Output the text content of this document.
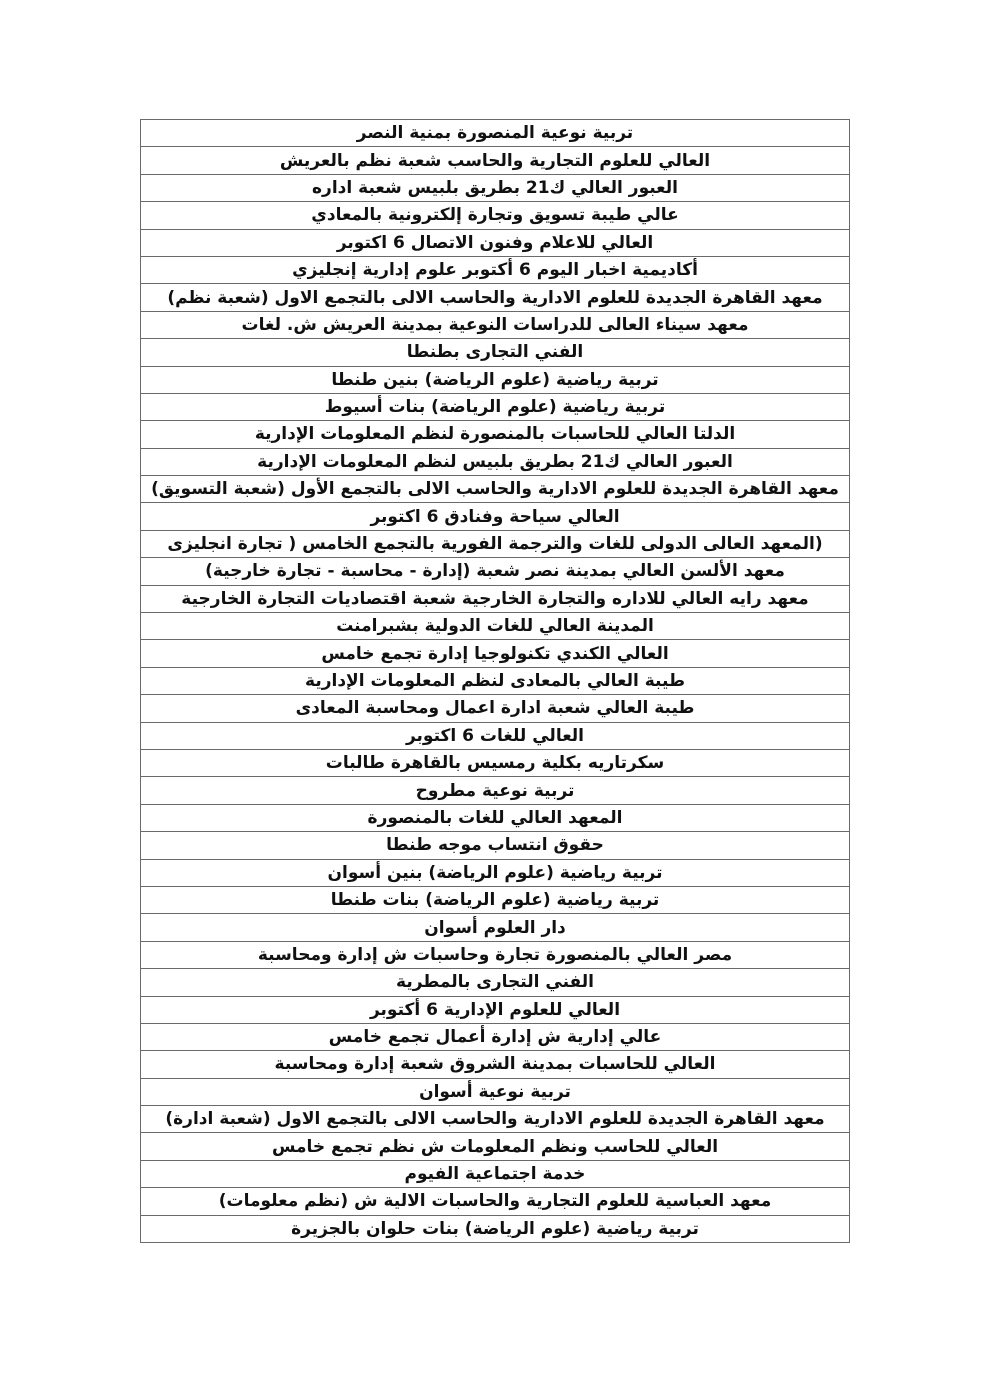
تربية نوعية المنصورة بمنية النصر
العالي للعلوم التجارية والحاسب شعبة نظم بالعريش
العبور العالي ك21 بطريق بلبيس شعبة اداره
عالي طيبة تسويق وتجارة إلكترونية بالمعادي
العالي للاعلام وفنون الاتصال 6 اكتوبر
أكاديمية اخبار اليوم 6 أكتوبر علوم إدارية إنجليزي
معهد القاهرة الجديدة للعلوم الادارية والحاسب الالى بالتجمع الاول (شعبة نظم)
معهد سيناء العالى للدراسات النوعية بمدينة العريش ش. لغات
الفني التجارى بطنطا
تربية رياضية (علوم الرياضة) بنين طنطا
تربية رياضية (علوم الرياضة) بنات أسيوط
الدلتا العالي للحاسبات بالمنصورة لنظم المعلومات الإدارية
العبور العالي ك21 بطريق بلبيس لنظم المعلومات الإدارية
معهد القاهرة الجديدة للعلوم الادارية والحاسب الالى بالتجمع الأول (شعبة التسويق)
العالي سياحة وفنادق 6 اكتوبر
(المعهد العالى الدولى للغات والترجمة الفورية بالتجمع الخامس ( تجارة انجليزى
معهد الألسن العالي بمدينة نصر شعبة (إدارة - محاسبة - تجارة خارجية)
معهد رايه العالي للاداره والتجارة الخارجية شعبة اقتصاديات التجارة الخارجية
المدينة العالي للغات الدولية بشبرامنت
العالي الكندي تكنولوجيا إدارة تجمع خامس
طيبة العالي بالمعادى لنظم المعلومات الإدارية
طيبة العالي شعبة ادارة اعمال ومحاسبة المعادى
العالي للغات 6 اكتوبر
سكرتاريه بكلية رمسيس بالقاهرة طالبات
تربية نوعية مطروح
المعهد العالي للغات بالمنصورة
حقوق انتساب موجه طنطا
تربية رياضية (علوم الرياضة) بنين أسوان
تربية رياضية (علوم الرياضة) بنات طنطا
دار العلوم أسوان
مصر العالي بالمنصورة تجارة وحاسبات ش إدارة ومحاسبة
الفني التجارى بالمطرية
العالي للعلوم الإدارية 6 أكتوبر
عالي إدارية ش إدارة أعمال تجمع خامس
العالي للحاسبات بمدينة الشروق شعبة إدارة ومحاسبة
تربية نوعية أسوان
معهد القاهرة الجديدة للعلوم الادارية والحاسب الالى بالتجمع الاول (شعبة ادارة)
العالي للحاسب ونظم المعلومات ش نظم تجمع خامس
خدمة اجتماعية الفيوم
معهد العباسية للعلوم التجارية والحاسبات الالية ش (نظم معلومات)
تربية رياضية (علوم الرياضة) بنات حلوان بالجزيرة
